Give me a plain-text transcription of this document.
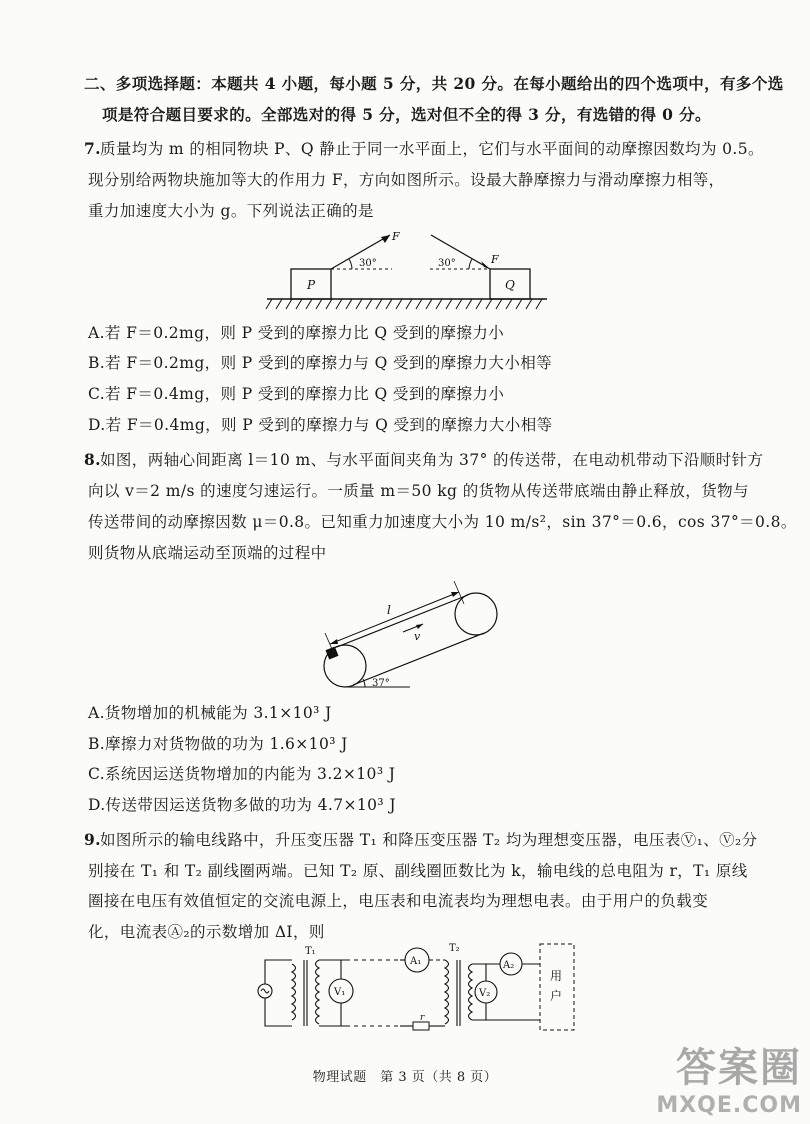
二、多项选择题：本题共 4 小题，每小题 5 分，共 20 分。在每小题给出的四个选项中，有多个选
项是符合题目要求的。全部选对的得 5 分，选对但不全的得 3 分，有选错的得 0 分。
7. 质量均为 m 的相同物块 P、Q 静止于同一水平面上，它们与水平面间的动摩擦因数均为 0.5。
现分别给两物块施加等大的作用力 F，方向如图所示。设最大静摩擦力与滑动摩擦力相等，
重力加速度大小为 g。下列说法正确的是
P
F
30°
Q
F
30°
A.若 F＝0.2mg，则 P 受到的摩擦力比 Q 受到的摩擦力小
B.若 F＝0.2mg，则 P 受到的摩擦力与 Q 受到的摩擦力大小相等
C.若 F＝0.4mg，则 P 受到的摩擦力比 Q 受到的摩擦力小
D.若 F＝0.4mg，则 P 受到的摩擦力与 Q 受到的摩擦力大小相等
8. 如图，两轴心间距离 l＝10 m、与水平面间夹角为 37° 的传送带，在电动机带动下沿顺时针方
向以 v＝2 m/s 的速度匀速运行。一质量 m＝50 kg 的货物从传送带底端由静止释放，货物与
传送带间的动摩擦因数 μ＝0.8。已知重力加速度大小为 10 m/s²，sin 37°＝0.6，cos 37°＝0.8。
则货物从底端运动至顶端的过程中
l
v
37°
A.货物增加的机械能为 3.1×10³ J
B.摩擦力对货物做的功为 1.6×10³ J
C.系统因运送货物增加的内能为 3.2×10³ J
D.传送带因运送货物多做的功为 4.7×10³ J
9. 如图所示的输电线路中，升压变压器 T₁ 和降压变压器 T₂ 均为理想变压器，电压表Ⓥ₁、Ⓥ₂分
别接在 T₁ 和 T₂ 副线圈两端。已知 T₂ 原、副线圈匝数比为 k，输电线的总电阻为 r，T₁ 原线
圈接在电压有效值恒定的交流电源上，电压表和电流表均为理想电表。由于用户的负载变
化，电流表Ⓐ₂的示数增加 ΔI，则
T₁
V₁
A₁
r
T₂
V₂
A₂
用
户
物理试题　第 3 页（共 8 页）	答案圈
MXQE.COM
